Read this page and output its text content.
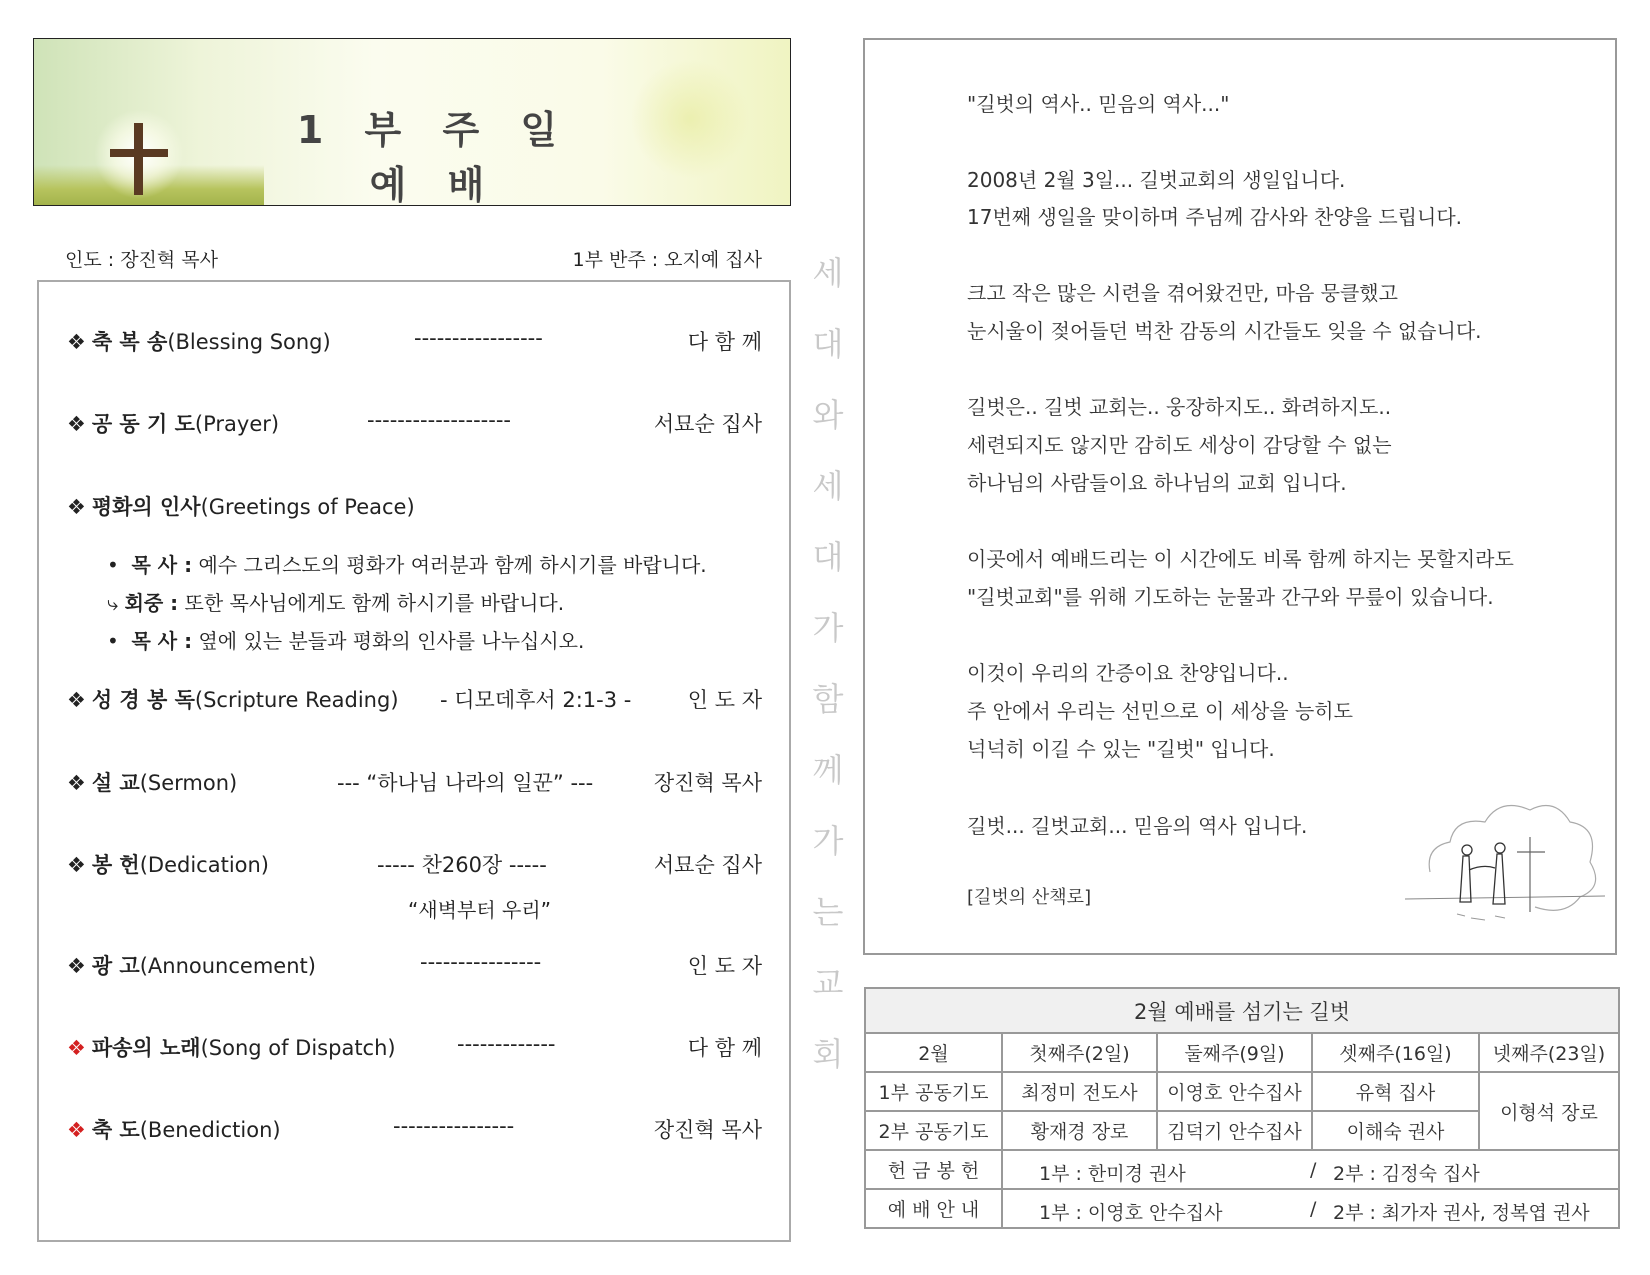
1 부 주 일 예 배
인도 : 장진혁 목사	1부 반주 : 오지예 집사
❖ 축 복 송(Blessing Song)	-----------------	다 함 께
❖ 공 동 기 도(Prayer)	-------------------	서묘순 집사
❖ 평화의 인사(Greetings of Peace)
• 목 사 : 예수 그리스도의 평화가 여러분과 함께 하시기를 바랍니다.
⤷ 회중 : 또한 목사님에게도 함께 하시기를 바랍니다.
• 목 사 : 옆에 있는 분들과 평화의 인사를 나누십시오.
❖ 성 경 봉 독(Scripture Reading) - 디모데후서 2:1-3 -	인 도 자
❖ 설 교(Sermon)	--- “하나님 나라의 일꾼” ---	장진혁 목사
❖ 봉 헌(Dedication)	----- 찬260장 -----	서묘순 집사
“새벽부터 우리”
❖ 광 고(Announcement)	----------------	인 도 자
❖ 파송의 노래(Song of Dispatch)	-------------	다 함 께
❖ 축 도(Benediction)	----------------	장진혁 목사
세
대
와
세
대
가
함
께
가
는
교
회
"길벗의 역사.. 믿음의 역사..."
2008년 2월 3일... 길벗교회의 생일입니다.
17번째 생일을 맞이하며 주님께 감사와 찬양을 드립니다.
크고 작은 많은 시련을 겪어왔건만, 마음 뭉클했고
눈시울이 젖어들던 벅찬 감동의 시간들도 잊을 수 없습니다.
길벗은.. 길벗 교회는.. 웅장하지도.. 화려하지도..
세련되지도 않지만 감히도 세상이 감당할 수 없는
하나님의 사람들이요 하나님의 교회 입니다.
이곳에서 예배드리는 이 시간에도 비록 함께 하지는 못할지라도
"길벗교회"를 위해 기도하는 눈물과 간구와 무릎이 있습니다.
이것이 우리의 간증이요 찬양입니다..
주 안에서 우리는 선민으로 이 세상을 능히도
넉넉히 이길 수 있는 "길벗" 입니다.
길벗... 길벗교회... 믿음의 역사 입니다.
[길벗의 산책로]
2월 예배를 섬기는 길벗				
2월	첫째주(2일)	둘째주(9일)	셋째주(16일)	넷째주(23일)
1부 공동기도	최정미 전도사	이영호 안수집사	유혁 집사	이형석 장로
2부 공동기도	황재경 장로	김덕기 안수집사	이해숙 권사	
헌 금 봉 헌	1부 : 한미경 권사 / 2부 : 김정숙 집사			

예 배 안 내	1부 : 이영호 안수집사 / 2부 : 최가자 권사, 정복엽 권사			
